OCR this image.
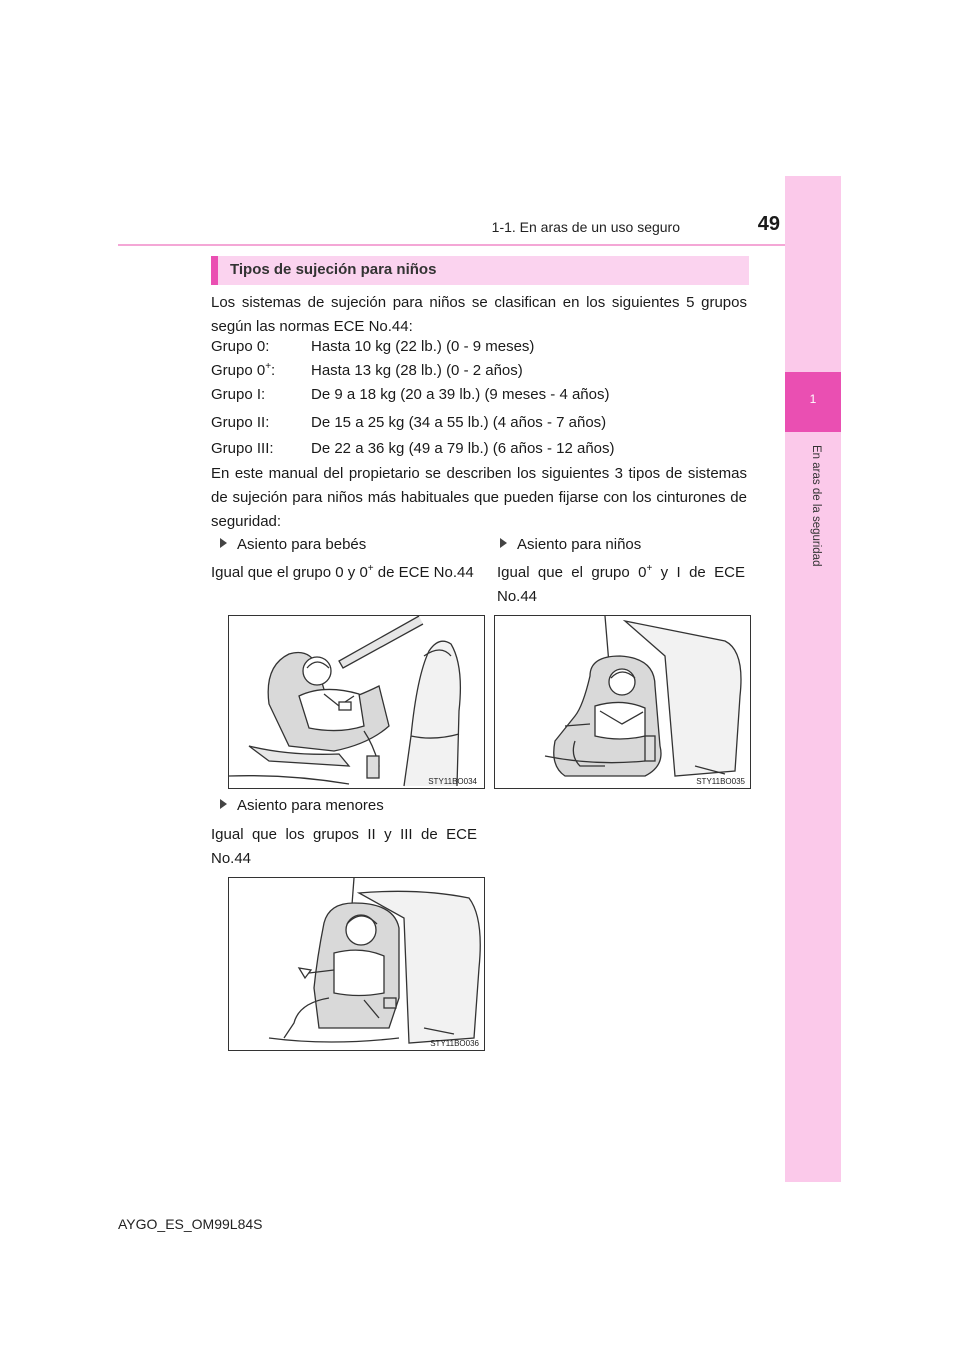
1-1. En aras de un uso seguro	49
1
En aras de la seguridad
Tipos de sujeción para niños
Los sistemas de sujeción para niños se clasifican en los siguientes 5 grupos según las normas ECE No.44:
Grupo 0:	Hasta 10 kg (22 lb.) (0 - 9 meses)
Grupo 0+: Hasta 13 kg (28 lb.) (0 - 2 años)
Grupo I:	De 9 a 18 kg (20 a 39 lb.) (9 meses - 4 años)
Grupo II:	De 15 a 25 kg (34 a 55 lb.) (4 años - 7 años)
Grupo III: De 22 a 36 kg (49 a 79 lb.) (6 años - 12 años)
En este manual del propietario se describen los siguientes 3 tipos de sistemas de sujeción para niños más habituales que pueden fijarse con los cinturones de seguridad:
Asiento para bebés
Igual que el grupo 0 y 0+ de ECE No.44
Asiento para niños
Igual que el grupo 0+ y I de ECE No.44
STY11BO034	STY11BO035
Asiento para menores
Igual que los grupos II y III de ECE No.44
STY11BO036
AYGO_ES_OM99L84S
